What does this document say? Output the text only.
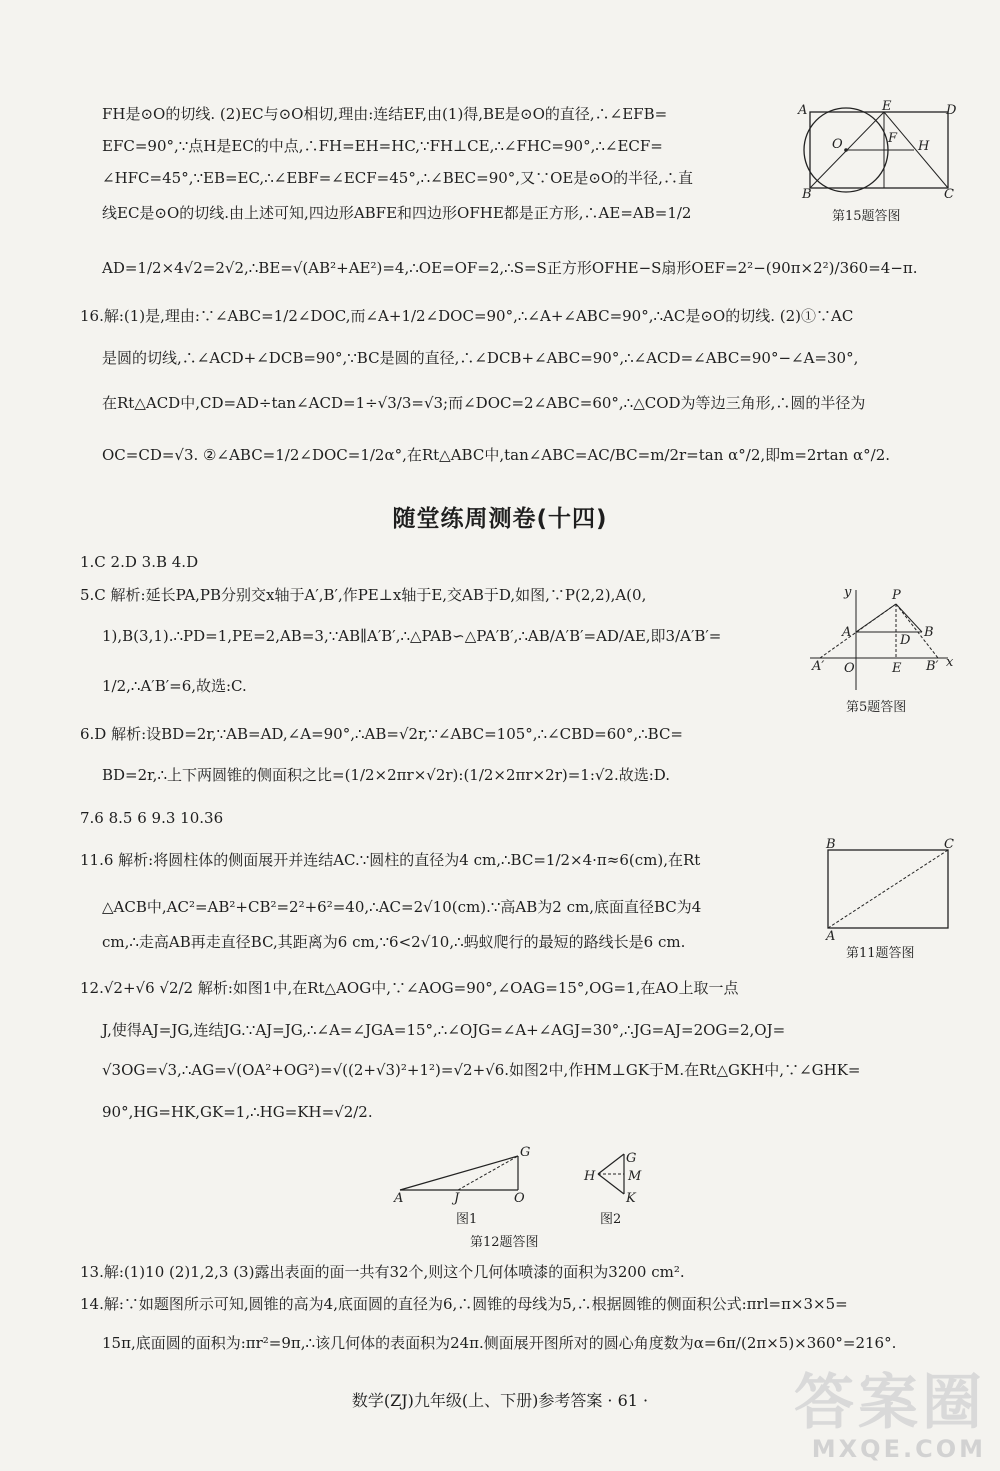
FH是⊙O的切线. (2)EC与⊙O相切,理由:连结EF,由(1)得,BE是⊙O的直径,∴∠EFB=
EFC=90°,∵点H是EC的中点,∴FH=EH=HC,∵FH⊥CE,∴∠FHC=90°,∴∠ECF=
∠HFC=45°,∵EB=EC,∴∠EBF=∠ECF=45°,∴∠BEC=90°,又∵OE是⊙O的半径,∴直
线EC是⊙O的切线.由上述可知,四边形ABFE和四边形OFHE都是正方形,∴AE=AB=1/2
AD=1/2×4√2=2√2,∴BE=√(AB²+AE²)=4,∴OE=OF=2,∴S=S正方形OFHE−S扇形OEF=2²−(90π×2²)/360=4−π.
A	E	D
O	F
H
B	C
第15题答图
16.解:(1)是,理由:∵∠ABC=1/2∠DOC,而∠A+1/2∠DOC=90°,∴∠A+∠ABC=90°,∴AC是⊙O的切线. (2)①∵AC
是圆的切线,∴∠ACD+∠DCB=90°,∵BC是圆的直径,∴∠DCB+∠ABC=90°,∴∠ACD=∠ABC=90°−∠A=30°,
在Rt△ACD中,CD=AD÷tan∠ACD=1÷√3/3=√3;而∠DOC=2∠ABC=60°,∴△COD为等边三角形,∴圆的半径为
OC=CD=√3. ②∠ABC=1/2∠DOC=1/2α°,在Rt△ABC中,tan∠ABC=AC/BC=m/2r=tan α°/2,即m=2rtan α°/2.
随堂练周测卷(十四)
1.C 2.D 3.B 4.D
5.C 解析:延长PA,PB分别交x轴于A′,B′,作PE⊥x轴于E,交AB于D,如图,∵P(2,2),A(0,
1),B(3,1).∴PD=1,PE=2,AB=3,∵AB∥A′B′,∴△PAB∽△PA′B′,∴AB/A′B′=AD/AE,即3/A′B′=
1/2,∴A′B′=6,故选:C.
y	P
A
D
B
A′ O	E B′ x
第5题答图
6.D 解析:设BD=2r,∵AB=AD,∠A=90°,∴AB=√2r,∵∠ABC=105°,∴∠CBD=60°,∴BC=
BD=2r,∴上下两圆锥的侧面积之比=(1/2×2πr×√2r):(1/2×2πr×2r)=1:√2.故选:D.
7.6 8.5 6 9.3 10.36
11.6 解析:将圆柱体的侧面展开并连结AC.∵圆柱的直径为4 cm,∴BC=1/2×4·π≈6(cm),在Rt
△ACB中,AC²=AB²+CB²=2²+6²=40,∴AC=2√10(cm).∵高AB为2 cm,底面直径BC为4
cm,∴走高AB再走直径BC,其距离为6 cm,∵6<2√10,∴蚂蚁爬行的最短的路线长是6 cm.
B	C
A
第11题答图
12.√2+√6 √2/2 解析:如图1中,在Rt△AOG中,∵∠AOG=90°,∠OAG=15°,OG=1,在AO上取一点
J,使得AJ=JG,连结JG.∵AJ=JG,∴∠A=∠JGA=15°,∴∠OJG=∠A+∠AGJ=30°,∴JG=AJ=2OG=2,OJ=
√3OG=√3,∴AG=√(OA²+OG²)=√((2+√3)²+1²)=√2+√6.如图2中,作HM⊥GK于M.在Rt△GKH中,∵∠GHK=
90°,HG=HK,GK=1,∴HG=KH=√2/2.
G
A	J	O
图1
G
H	M
K
图2
第12题答图
13.解:(1)10 (2)1,2,3 (3)露出表面的面一共有32个,则这个几何体喷漆的面积为3200 cm².
14.解:∵如题图所示可知,圆锥的高为4,底面圆的直径为6,∴圆锥的母线为5,∴根据圆锥的侧面积公式:πrl=π×3×5=
15π,底面圆的面积为:πr²=9π,∴该几何体的表面积为24π.侧面展开图所对的圆心角度数为α=6π/(2π×5)×360°=216°.
数学(ZJ)九年级(上、下册)参考答案 · 61 ·	答案圈
MXQE.COM
